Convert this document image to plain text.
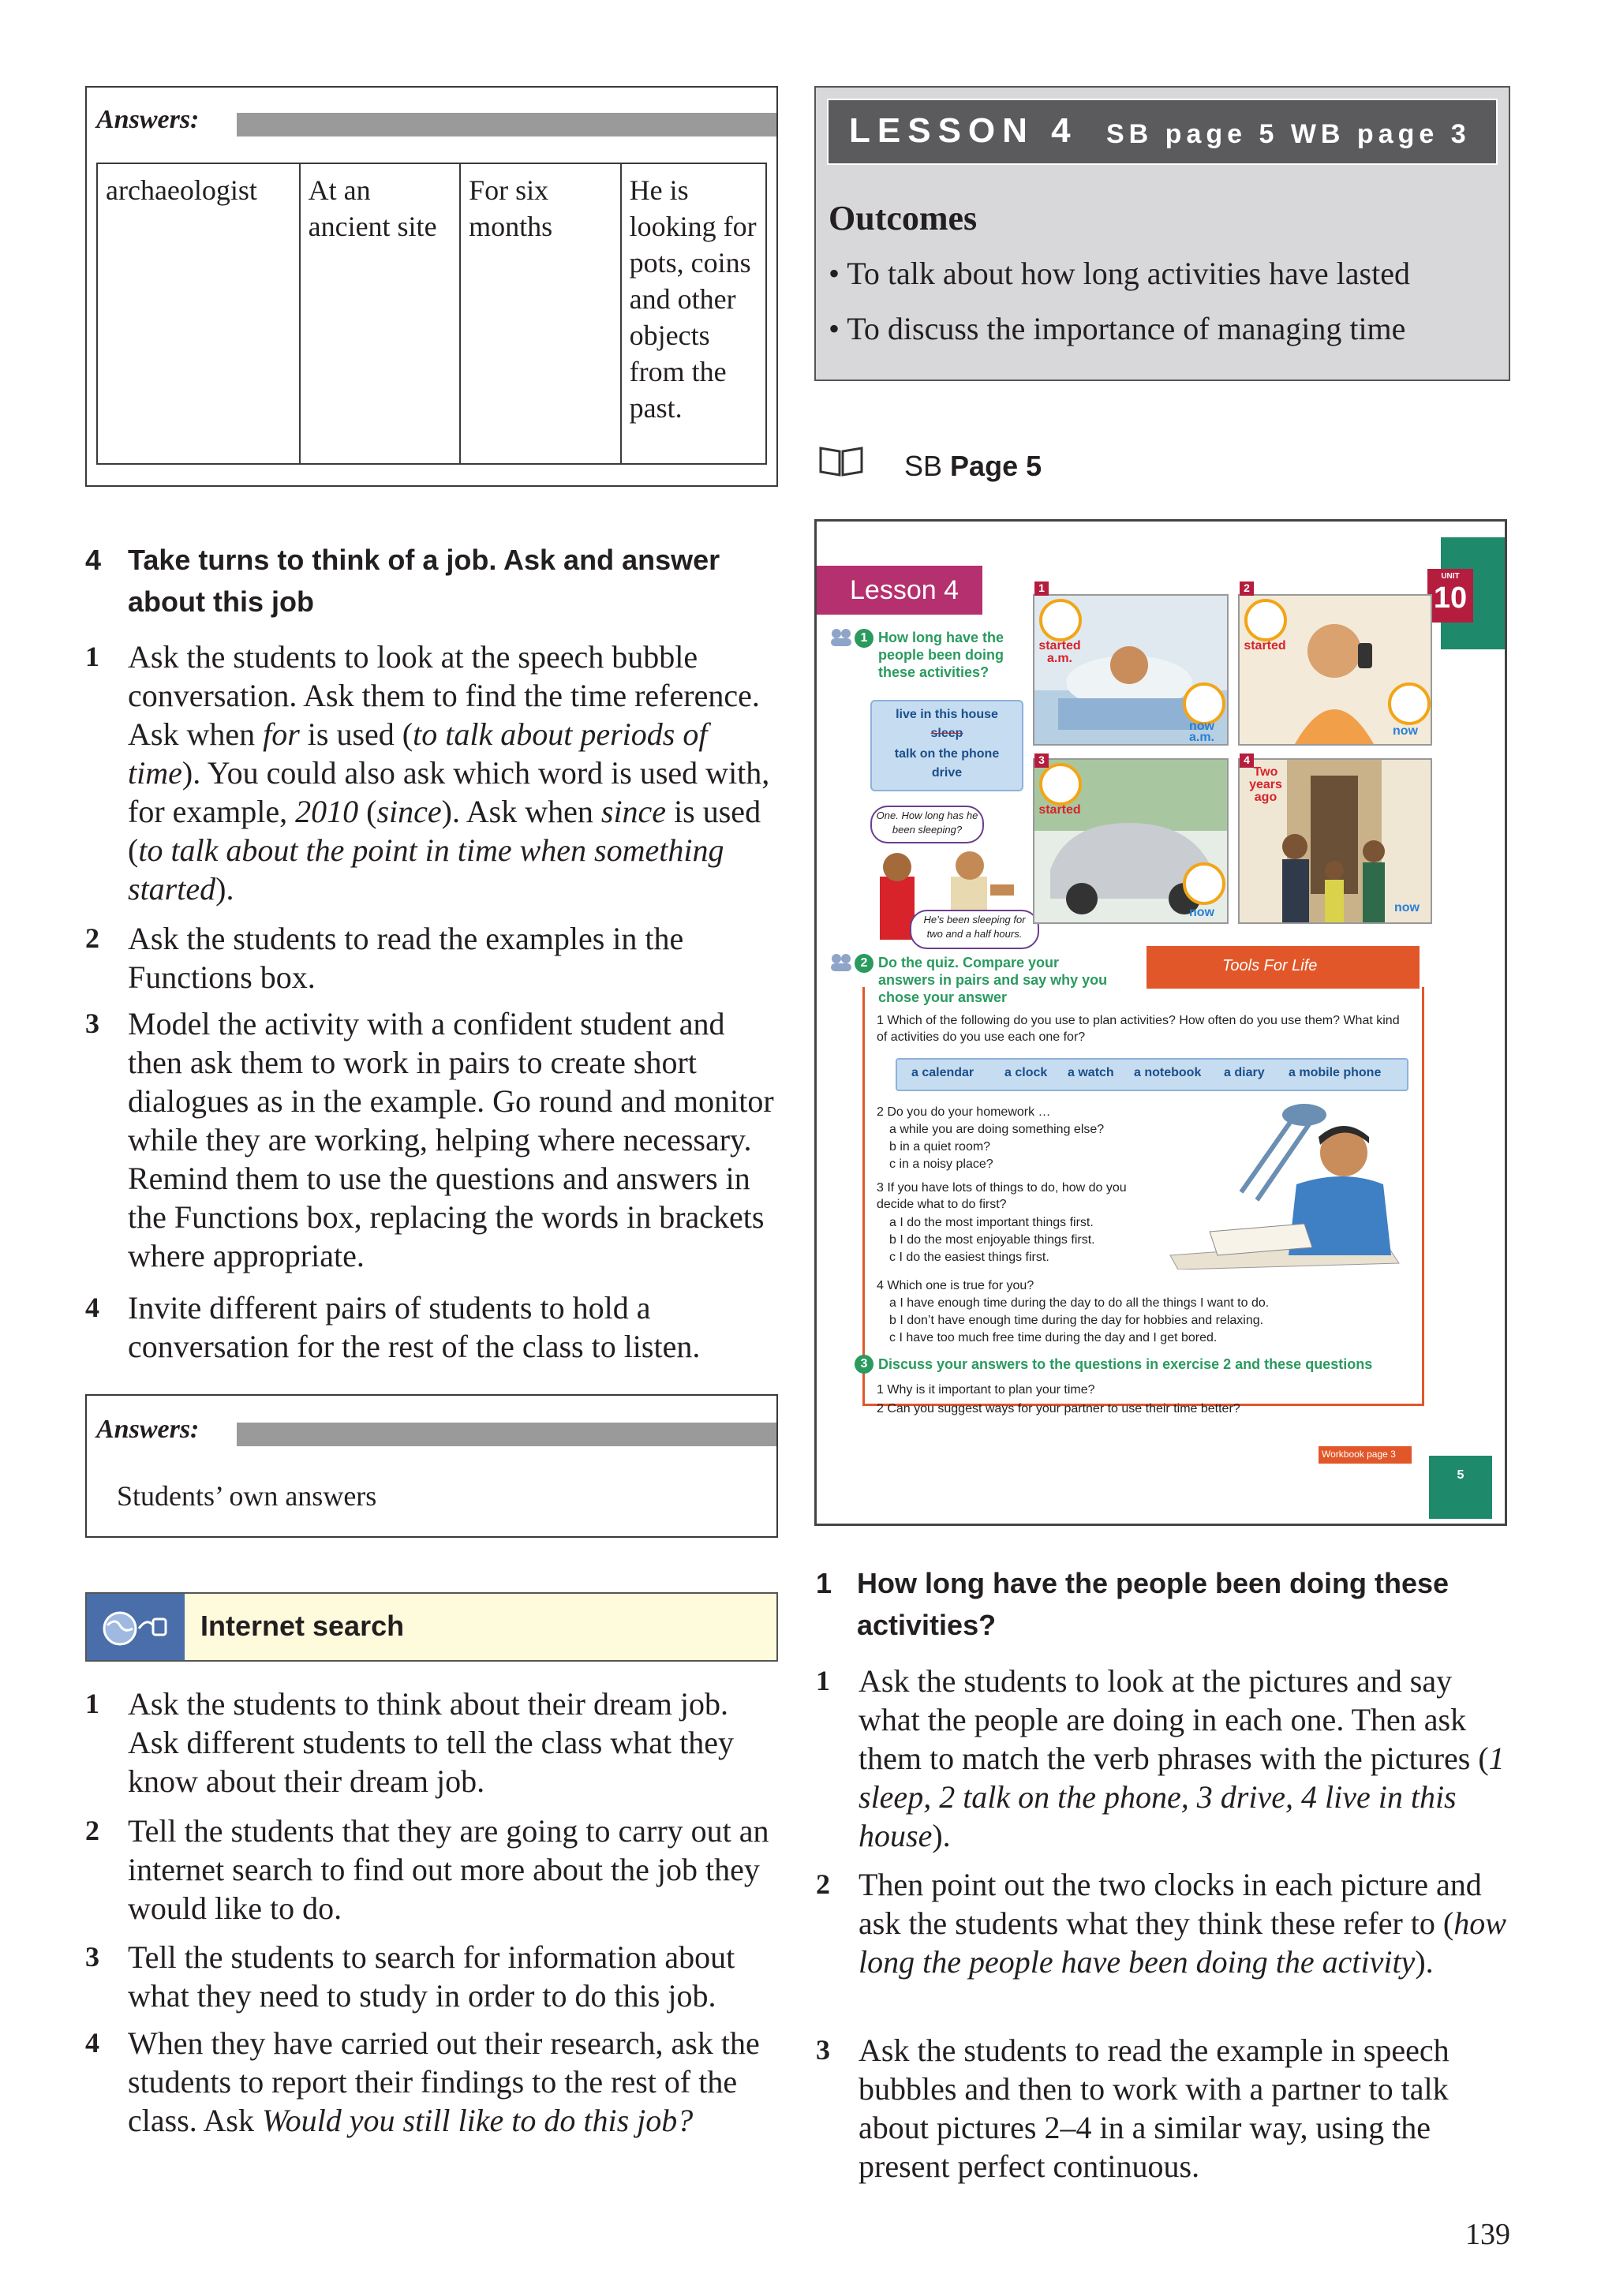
Answers:
archaeologist	At an ancient site	For six months	He is looking for pots, coins and other objects from the past.
4 Take turns to think of a job. Ask and answer about this job
1 Ask the students to look at the speech bubble conversation. Ask them to find the time reference. Ask when for is used (to talk about periods of time). You could also ask which word is used with, for example, 2010 (since). Ask when since is used (to talk about the point in time when something started).
2 Ask the students to read the examples in the Functions box.
3 Model the activity with a confident student and then ask them to work in pairs to create short dialogues as in the example. Go round and monitor while they are working, helping where necessary. Remind them to use the questions and answers in the Functions box, replacing the words in brackets where appropriate.
4 Invite different pairs of students to hold a conversation for the rest of the class to listen.
Answers:
Students’ own answers
Internet search
1 Ask the students to think about their dream job. Ask different students to tell the class what they know about their dream job.
2 Tell the students that they are going to carry out an internet search to find out more about the job they would like to do.
3 Tell the students to search for information about what they need to study in order to do this job.
4 When they have carried out their research, ask the students to report their findings to the rest of the class. Ask Would you still like to do this job?
LESSON 4 SB page 5 WB page 3
Outcomes
• To talk about how long activities have lasted
• To discuss the importance of managing time
SB Page 5
UNIT
10
5
Lesson 4
1 How long have the people been doing these activities?
live in this house
sleep
talk on the phone
drive
One. How long has he been sleeping?
He’s been sleeping for two and a half hours.
started
a.m.
now
a.m.
1
started
now
2
started
now
3
Two years ago
now
4
2 Do the quiz. Compare your answers in pairs and say why you chose your answer
Tools For Life
1 Which of the following do you use to plan activities? How often do you use them? What kind of activities do you use each one for?
a calendar a clock a watch a notebook a diary a mobile phone
2 Do you do your homework …
a while you are doing something else?
b in a quiet room?
c in a noisy place?
3 If you have lots of things to do, how do you decide what to do first?
a I do the most important things first.
b I do the most enjoyable things first.
c I do the easiest things first.
4 Which one is true for you?
a I have enough time during the day to do all the things I want to do.
b I don’t have enough time during the day for hobbies and relaxing.
c I have too much free time during the day and I get bored.
3 Discuss your answers to the questions in exercise 2 and these questions
1 Why is it important to plan your time?
2 Can you suggest ways for your partner to use their time better?
Workbook page 3
1 How long have the people been doing these activities?
1 Ask the students to look at the pictures and say what the people are doing in each one. Then ask them to match the verb phrases with the pictures (1 sleep, 2 talk on the phone, 3 drive, 4 live in this house).
2 Then point out the two clocks in each picture and ask the students what they think these refer to (how long the people have been doing the activity).
3 Ask the students to read the example in speech bubbles and then to work with a partner to talk about pictures 2–4 in a similar way, using the present perfect continuous.
139
